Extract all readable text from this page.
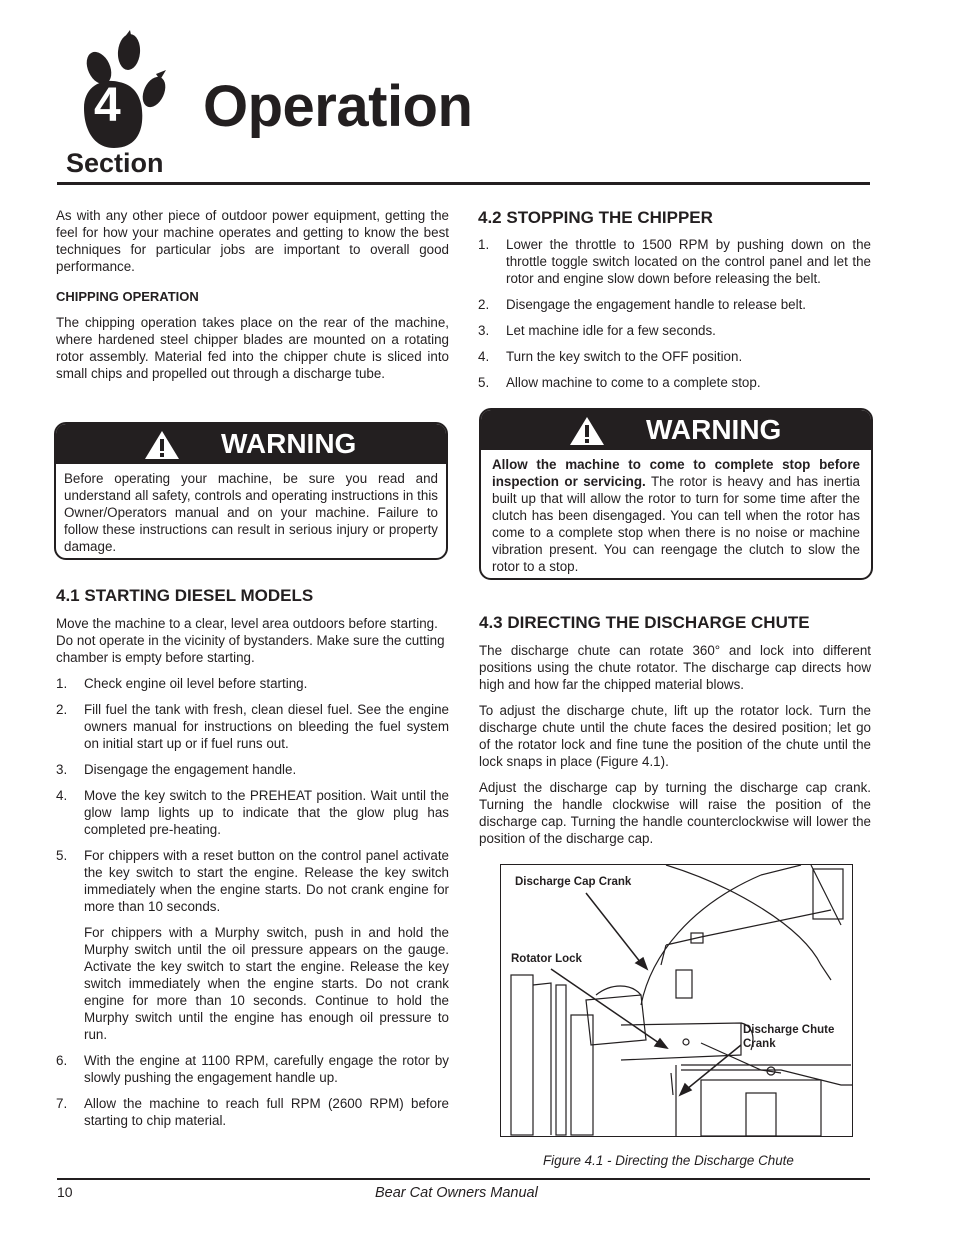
4 Operation
Section

As with any other piece of outdoor power equipment, getting the feel for how your machine operates and getting to know the best techniques for particular jobs are important to overall good performance.

CHIPPING OPERATION

The chipping operation takes place on the rear of the machine, where hardened steel chipper blades are mounted on a rotating rotor assembly. Material fed into the chipper chute is sliced into small chips and propelled out through a discharge tube.

WARNING
Before operating your machine, be sure you read and understand all safety, controls and operating instructions in this Owner/Operators manual and on your machine. Failure to follow these instructions can result in serious injury or property damage.

4.1 STARTING DIESEL MODELS

Move the machine to a clear, level area outdoors before starting. Do not operate in the vicinity of bystanders. Make sure the cutting chamber is empty before starting.

1. Check engine oil level before starting.
2. Fill fuel the tank with fresh, clean diesel fuel. See the engine owners manual for instructions on bleeding the fuel system on initial start up or if fuel runs out.
3. Disengage the engagement handle.
4. Move the key switch to the PREHEAT position. Wait until the glow lamp lights up to indicate that the glow plug has completed pre-heating.
5. For chippers with a reset button on the control panel activate the key switch to start the engine. Release the key switch immediately when the engine starts. Do not crank engine for more than 10 seconds.
For chippers with a Murphy switch, push in and hold the Murphy switch until the oil pressure appears on the gauge. Activate the key switch to start the engine. Release the key switch immediately when the engine starts. Do not crank engine for more than 10 seconds. Continue to hold the Murphy switch until the engine has enough oil pressure to run.
6. With the engine at 1100 RPM, carefully engage the rotor by slowly pushing the engagement handle up.
7. Allow the machine to reach full RPM (2600 RPM) before starting to chip material.

4.2 STOPPING THE CHIPPER

1. Lower the throttle to 1500 RPM by pushing down on the throttle toggle switch located on the control panel and let the rotor and engine slow down before releasing the belt.
2. Disengage the engagement handle to release belt.
3. Let machine idle for a few seconds.
4. Turn the key switch to the OFF position.
5. Allow machine to come to a complete stop.
WARNING
Allow the machine to come to complete stop before inspection or servicing. The rotor is heavy and has inertia built up that will allow the rotor to turn for some time after the clutch has been disengaged. You can tell when the rotor has come to a complete stop when there is no noise or machine vibration present. You can reengage the clutch to slow the rotor to a stop.

4.3 DIRECTING THE DISCHARGE CHUTE

The discharge chute can rotate 360° and lock into different positions using the chute rotator. The discharge cap directs how high and how far the chipped material blows.

To adjust the discharge chute, lift up the rotator lock. Turn the discharge chute until the chute faces the desired position; let go of the rotator lock and fine tune the position of the chute until the lock snaps in place (Figure 4.1).

Adjust the discharge cap by turning the discharge cap crank. Turning the handle clockwise will raise the position of the discharge cap. Turning the handle counterclockwise will lower the position of the discharge cap.

Discharge Cap Crank
Rotator Lock
Discharge Chute
Crank
Figure 4.1 - Directing the Discharge Chute
10	Bear Cat Owners Manual
